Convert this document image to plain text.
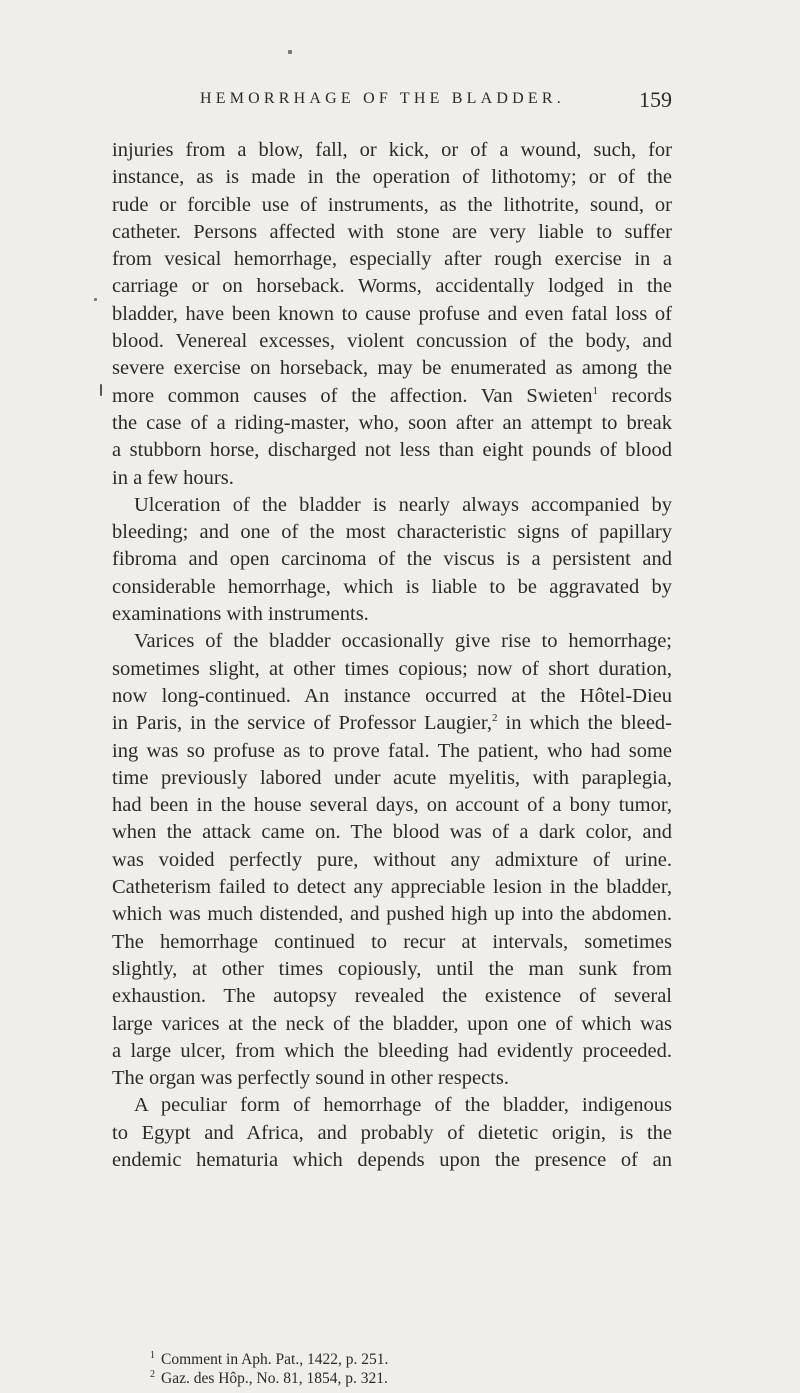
HEMORRHAGE OF THE BLADDER.	159
injuries from a blow, fall, or kick, or of a wound, such, for
instance, as is made in the operation of lithotomy; or of the
rude or forcible use of instruments, as the lithotrite, sound, or
catheter. Persons affected with stone are very liable to suffer
from vesical hemorrhage, especially after rough exercise in a
carriage or on horseback. Worms, accidentally lodged in the
bladder, have been known to cause profuse and even fatal loss of
blood. Venereal excesses, violent concussion of the body, and
severe exercise on horseback, may be enumerated as among the
more common causes of the affection. Van Swieten$^1$ records
the case of a riding-master, who, soon after an attempt to break
a stubborn horse, discharged not less than eight pounds of blood
in a few hours.
Ulceration of the bladder is nearly always accompanied by
bleeding; and one of the most characteristic signs of papillary
fibroma and open carcinoma of the viscus is a persistent and
considerable hemorrhage, which is liable to be aggravated by
examinations with instruments.
Varices of the bladder occasionally give rise to hemorrhage;
sometimes slight, at other times copious; now of short duration,
now long-continued. An instance occurred at the Hôtel-Dieu
in Paris, in the service of Professor Laugier,$^2$ in which the bleed-
ing was so profuse as to prove fatal. The patient, who had some
time previously labored under acute myelitis, with paraplegia,
had been in the house several days, on account of a bony tumor,
when the attack came on. The blood was of a dark color, and
was voided perfectly pure, without any admixture of urine.
Catheterism failed to detect any appreciable lesion in the bladder,
which was much distended, and pushed high up into the abdomen.
The hemorrhage continued to recur at intervals, sometimes
slightly, at other times copiously, until the man sunk from
exhaustion. The autopsy revealed the existence of several
large varices at the neck of the bladder, upon one of which was
a large ulcer, from which the bleeding had evidently proceeded.
The organ was perfectly sound in other respects.
A peculiar form of hemorrhage of the bladder, indigenous
to Egypt and Africa, and probably of dietetic origin, is the
endemic hematuria which depends upon the presence of an
$^1$ Comment in Aph. Pat., 1422, p. 251.
$^2$ Gaz. des Hôp., No. 81, 1854, p. 321.
